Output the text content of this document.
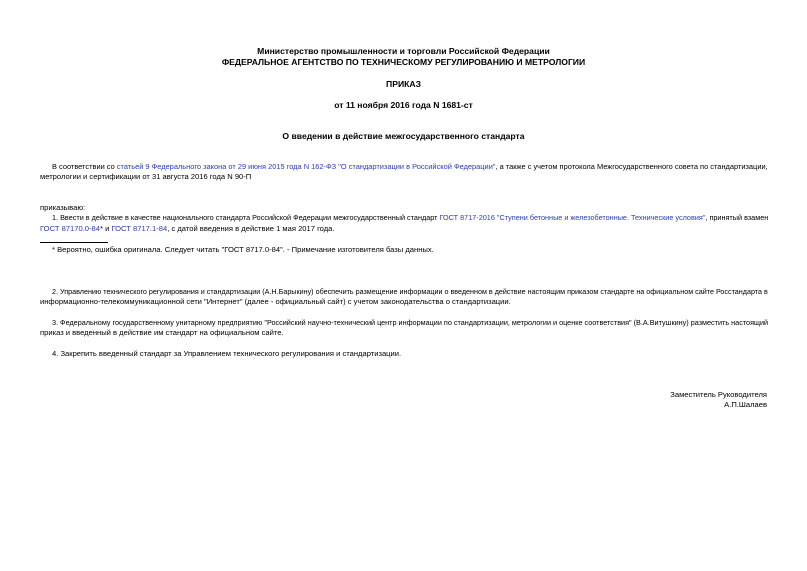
Министерство промышленности и торговли Российской Федерации
ФЕДЕРАЛЬНОЕ АГЕНТСТВО ПО ТЕХНИЧЕСКОМУ РЕГУЛИРОВАНИЮ И МЕТРОЛОГИИ
ПРИКАЗ
от 11 ноября 2016 года N 1681-ст
О введении в действие межгосударственного стандарта
В соответствии со статьей 9 Федерального закона от 29 июня 2015 года N 162-ФЗ "О стандартизации в Российской Федерации", а также с учетом протокола Межгосударственного совета по стандартизации,
метрологии и сертификации от 31 августа 2016 года N 90-П
приказываю:
1. Ввести в действие в качестве национального стандарта Российской Федерации межгосударственный стандарт ГОСТ 8717-2016 "Ступени бетонные и железобетонные. Технические условия", принятый взамен
ГОСТ 87170.0-84* и ГОСТ 8717.1-84, с датой введения в действие 1 мая 2017 года.
* Вероятно, ошибка оригинала. Следует читать "ГОСТ 8717.0-84". - Примечание изготовителя базы данных.
2. Управлению технического регулирования и стандартизации (А.Н.Барыкину) обеспечить размещение информации о введенном в действие настоящим приказом стандарте на официальном сайте Росстандарта в
информационно-телекоммуникационной сети "Интернет" (далее - официальный сайт) с учетом законодательства о стандартизации.
3. Федеральному государственному унитарному предприятию "Российский научно-технический центр информации по стандартизации, метрологии и оценке соответствия" (В.А.Витушкину) разместить настоящий
приказ и введенный в действие им стандарт на официальном сайте.
4. Закрепить введенный стандарт за Управлением технического регулирования и стандартизации.
Заместитель Руководителя
А.П.Шалаев
